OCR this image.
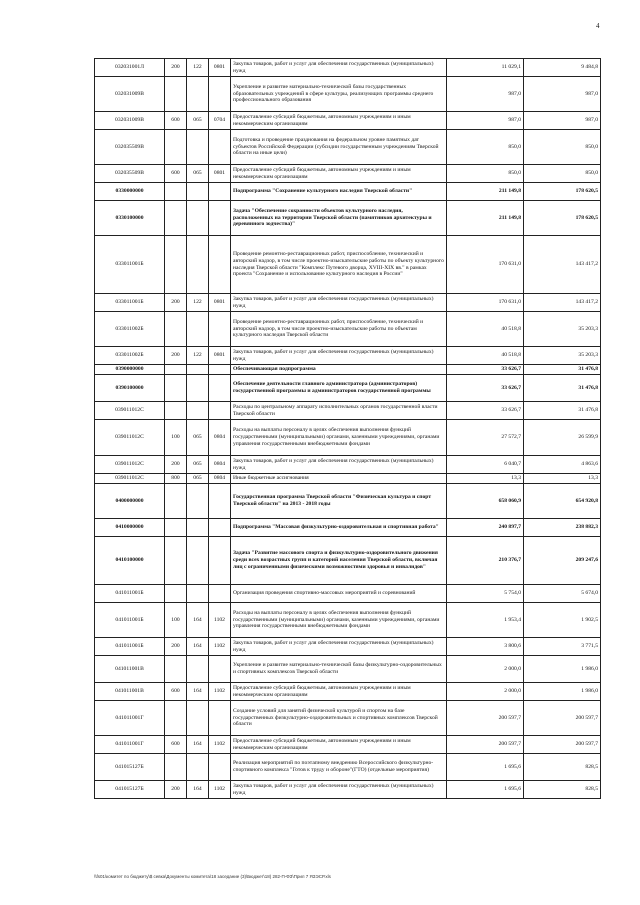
4
032031001Л	200	122	0801	Закупка товаров, работ и услуг для обеспечения государственных (муниципальных) нужд	11 029,1	9 484,8
032031009В				Укрепление и развитие материально-технической базы государственных образовательных учреждений в сфере культуры, реализующих программы среднего профессионального образования	987,0	987,0
032031009В	600	065	0704	Предоставление субсидий бюджетным, автономным учреждениям и иным некоммерческим организациям	987,0	987,0
032035509В				Подготовка и проведение празднования на федеральном уровне памятных дат субъектов Российской Федерации (субсидии государственным учреждениям Тверской области на иные цели)	850,0	850,0
032035509В	600	065	0801	Предоставление субсидий бюджетным, автономным учреждениям и иным некоммерческим организациям	850,0	850,0
0330000000				Подпрограмма "Сохранение культурного наследия Тверской области"	211 149,8	178 620,5
0330100000				Задача "Обеспечение сохранности объектов культурного наследия, расположенных на территории Тверской области (памятников архитектуры и деревянного зодчества)"	211 149,8	178 620,5
033011001Б				Проведение ремонтно-реставрационных работ, приспособление, технический и авторский надзор, в том числе проектно-изыскательские работы по объекту культурного наследия Тверской области "Комплекс Путевого дворца, XVIII-XIX вв." в рамках проекта "Сохранение и использование культурного наследия в России"	170 631,0	143 417,2
033011001Б	200	122	0801	Закупка товаров, работ и услуг для обеспечения государственных (муниципальных) нужд	170 631,0	143 417,2
033011002Б				Проведение ремонтно-реставрационных работ, приспособление, технический и авторский надзор, в том числе проектно-изыскательские работы по объектам культурного наследия Тверской области	40 518,8	35 203,3
033011002Б	200	122	0801	Закупка товаров, работ и услуг для обеспечения государственных (муниципальных) нужд	40 518,8	35 203,3
0390000000				Обеспечивающая подпрограмма	33 626,7	31 476,8
0390100000				Обеспечение деятельности главного администратора (администраторов) государственной программы и администраторов государственной программы	33 626,7	31 476,8
039011012С				Расходы по центральному аппарату исполнительных органов государственной власти Тверской области	33 626,7	31 476,8
039011012С	100	065	0804	Расходы на выплаты персоналу в целях обеспечения выполнения функций государственными (муниципальными) органами, казенными учреждениями, органами управления государственными внебюджетными фондами	27 572,7	26 599,9
039011012С	200	065	0804	Закупка товаров, работ и услуг для обеспечения государственных (муниципальных) нужд	6 040,7	4 863,6
039011012С	800	065	0804	Иные бюджетные ассигнования	13,3	13,3
0400000000				Государственная программа Тверской области "Физическая культура и спорт Тверской области" на 2013 - 2018 годы	658 060,9	654 920,8
0410000000				Подпрограмма "Массовая физкультурно-оздоровительная и спортивная работа"	240 897,7	238 882,3
0410100000				Задача "Развитие массового спорта и физкультурно-оздоровительного движения среди всех возрастных групп и категорий населения Тверской области, включая лиц с ограниченными физическими возможностями здоровья и инвалидов"	210 376,7	209 247,6
041011001Б				Организация проведения спортивно-массовых мероприятий и соревнований	5 754,0	5 674,0
041011001Б	100	164	1102	Расходы на выплаты персоналу в целях обеспечения выполнения функций государственными (муниципальными) органами, казенными учреждениями, органами управления государственными внебюджетными фондами	1 953,4	1 902,5
041011001Б	200	164	1102	Закупка товаров, работ и услуг для обеспечения государственных (муниципальных) нужд	3 800,6	3 771,5
041011001В				Укрепление и развитие материально-технической базы физкультурно-оздоровительных и спортивных комплексов Тверской области	2 000,0	1 986,0
041011001В	600	164	1102	Предоставление субсидий бюджетным, автономным учреждениям и иным некоммерческим организациям	2 000,0	1 986,0
041011001Г				Создание условий для занятий физической культурой и спортом на базе государственных физкультурно-оздоровительных и спортивных комплексов Тверской области	200 597,7	200 597,7
041011001Г	600	164	1102	Предоставление субсидий бюджетным, автономным учреждениям и иным некоммерческим организациям	200 597,7	200 597,7
041015127Б				Реализация мероприятий по поэтапному внедрению Всероссийского физкультурно-спортивного комплекса "Готов к труду и обороне"(ГТО) (отдельные мероприятия)	1 695,6	828,5
041015127Б	200	164	1102	Закупка товаров, работ и услуг для обеспечения государственных (муниципальных) нужд	1 695,6	828,5
\\fs01\комитет по бюджету\$ севка\Документы комитета\18 заседание (3)\Бюджет\18) 282-П-ФЗ\Прил 7 ЯЗЭСР.xls
